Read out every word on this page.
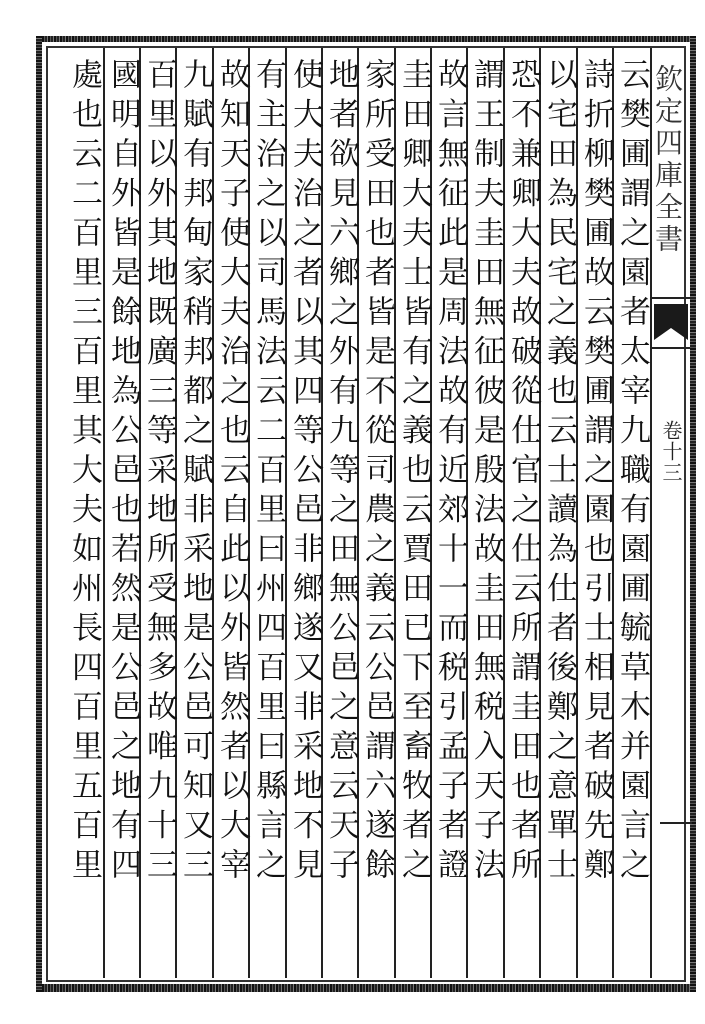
云樊圃謂之園者太宰九職有園圃毓草木并園言之
詩折柳樊圃故云樊圃謂之園也引士相見者破先鄭
以宅田為民宅之義也云士讀為仕者後鄭之意單士
恐不兼卿大夫故破從仕官之仕云所謂圭田也者所
謂王制夫圭田無征彼是殷法故圭田無税入天子法
故言無征此是周法故有近郊十一而税引孟子者證
圭田卿大夫士皆有之義也云賈田已下至畜牧者之
家所受田也者皆是不從司農之義云公邑謂六遂餘
地者欲見六鄉之外有九等之田無公邑之意云天子
使大夫治之者以其四等公邑非鄉遂又非采地不見
有主治之以司馬法云二百里曰州四百里曰縣言之
故知天子使大夫治之也云自此以外皆然者以大宰
九賦有邦甸家稍邦都之賦非采地是公邑可知又三
百里以外其地既廣三等采地所受無多故唯九十三
國明自外皆是餘地為公邑也若然是公邑之地有四
處也云二百里三百里其大夫如州長四百里五百里	欽定四庫全書
卷十三
